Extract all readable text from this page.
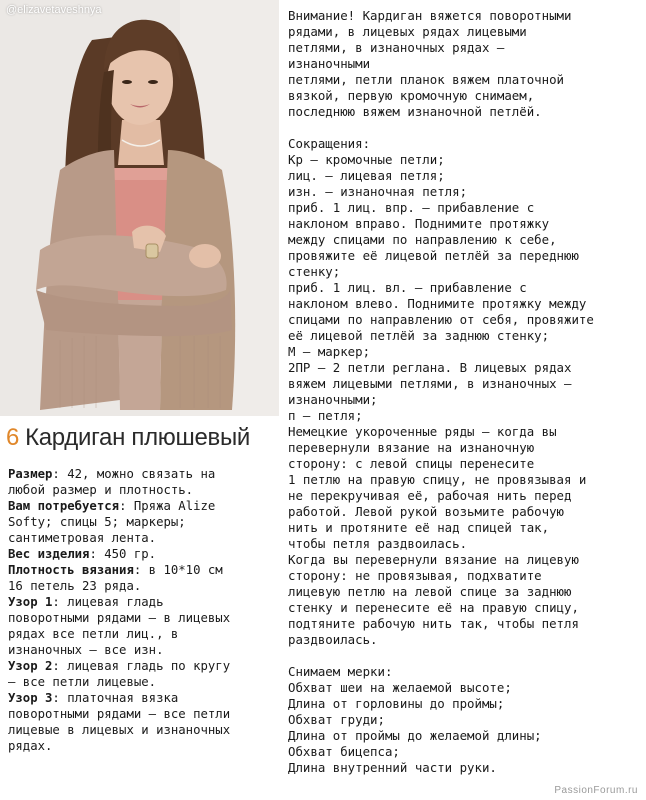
@elizavetaveshnya
6 Кардиган плюшевый
Размер: 42, можно связать на
любой размер и плотность.
Вам потребуется: Пряжа Alize
Softy; спицы 5; маркеры;
сантиметровая лента.
Вес изделия: 450 гр.
Плотность вязания: в 10*10 см
16 петель 23 ряда.
Узор 1: лицевая гладь
поворотными рядами – в лицевых
рядах все петли лиц., в
изнаночных – все изн.
Узор 2: лицевая гладь по кругу
– все петли лицевые.
Узор 3: платочная вязка
поворотными рядами – все петли
лицевые в лицевых и изнаночных
рядах.
Внимание! Кардиган вяжется поворотными
рядами, в лицевых рядах лицевыми
петлями, в изнаночных рядах –
изнаночными
петлями, петли планок вяжем платочной
вязкой, первую кромочную снимаем,
последнюю вяжем изнаночной петлёй.
Сокращения:
Кр – кромочные петли;
лиц. – лицевая петля;
изн. – изнаночная петля;
приб. 1 лиц. впр. – прибавление с
наклоном вправо. Поднимите протяжку
между спицами по направлению к себе,
провяжите её лицевой петлёй за переднюю
стенку;
приб. 1 лиц. вл. – прибавление с
наклоном влево. Поднимите протяжку между
спицами по направлению от себя, провяжите
её лицевой петлёй за заднюю стенку;
М – маркер;
2ПР – 2 петли реглана. В лицевых рядах
вяжем лицевыми петлями, в изнаночных –
изнаночными;
п – петля;
Немецкие укороченные ряды – когда вы
перевернули вязание на изнаночную
сторону: с левой спицы перенесите
1 петлю на правую спицу, не провязывая и
не перекручивая её, рабочая нить перед
работой. Левой рукой возьмите рабочую
нить и протяните её над спицей так,
чтобы петля раздвоилась.
Когда вы перевернули вязание на лицевую
сторону: не провязывая, подхватите
лицевую петлю на левой спице за заднюю
стенку и перенесите её на правую спицу,
подтяните рабочую нить так, чтобы петля
раздвоилась.
Снимаем мерки:
Обхват шеи на желаемой высоте;
Длина от горловины до проймы;
Обхват груди;
Длина от проймы до желаемой длины;
Обхват бицепса;
Длина внутренний части руки.
PassionForum.ru
